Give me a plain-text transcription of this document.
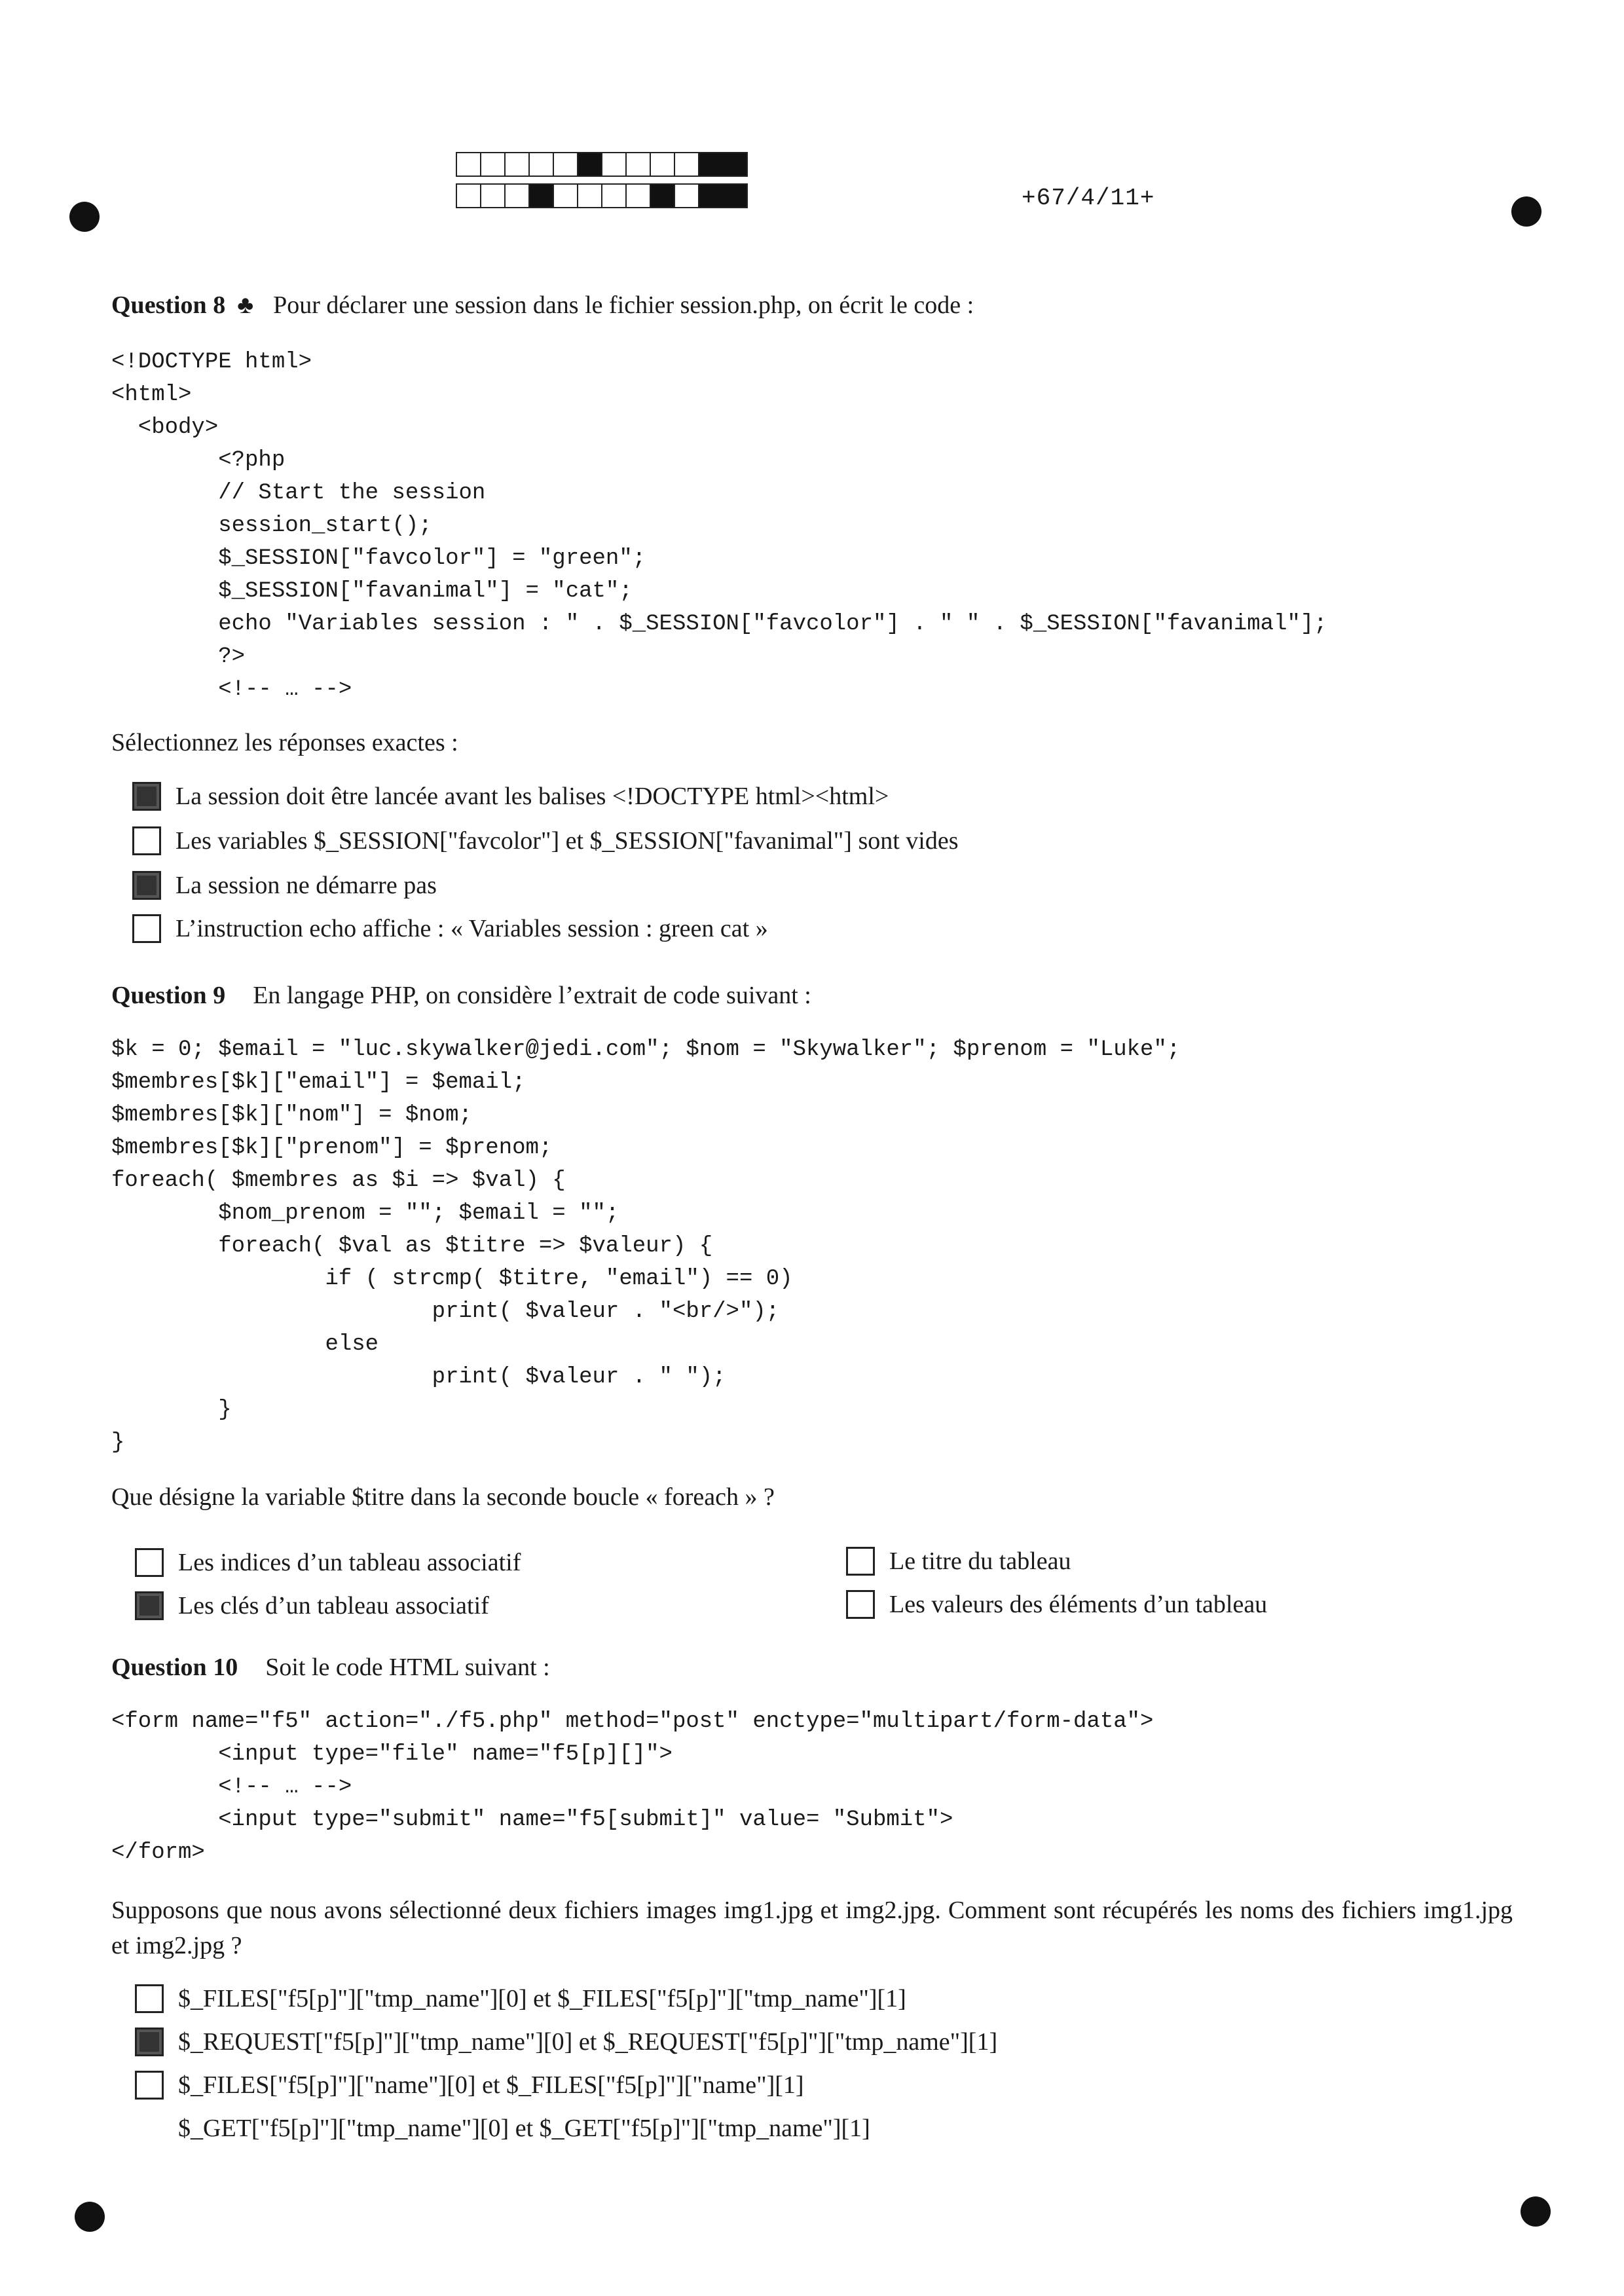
+67/4/11+
Question 8 ♣ Pour déclarer une session dans le fichier session.php, on écrit le code :
<!DOCTYPE html>
<html>
<body>
<?php
// Start the session
session_start();
$_SESSION["favcolor"] = "green";
$_SESSION["favanimal"] = "cat";
echo "Variables session : " . $_SESSION["favcolor"] . " " . $_SESSION["favanimal"];
?>
<!-- … -->
Sélectionnez les réponses exactes :
La session doit être lancée avant les balises <!DOCTYPE html><html>
Les variables $_SESSION["favcolor"] et $_SESSION["favanimal"] sont vides
La session ne démarre pas
L’instruction echo affiche : « Variables session : green cat »
Question 9 En langage PHP, on considère l’extrait de code suivant :
$k = 0; $email = "luc.skywalker@jedi.com"; $nom = "Skywalker"; $prenom = "Luke";
$membres[$k]["email"] = $email;
$membres[$k]["nom"] = $nom;
$membres[$k]["prenom"] = $prenom;
foreach( $membres as $i => $val) {
$nom_prenom = ""; $email = "";
foreach( $val as $titre => $valeur) {
if ( strcmp( $titre, "email") == 0)
print( $valeur . "<br/>");
else
print( $valeur . " ");
}
}
Que désigne la variable $titre dans la seconde boucle « foreach » ?
Les indices d’un tableau associatif
Les clés d’un tableau associatif
Le titre du tableau
Les valeurs des éléments d’un tableau
Question 10 Soit le code HTML suivant :
<form name="f5" action="./f5.php" method="post" enctype="multipart/form-data">
<input type="file" name="f5[p][]">
<!-- … -->
<input type="submit" name="f5[submit]" value= "Submit">
</form>
Supposons que nous avons sélectionné deux fichiers images img1.jpg et img2.jpg. Comment sont récupérés les noms des fichiers img1.jpg et img2.jpg ?
$_FILES["f5[p]"]["tmp_name"][0] et $_FILES["f5[p]"]["tmp_name"][1]
$_REQUEST["f5[p]"]["tmp_name"][0] et $_REQUEST["f5[p]"]["tmp_name"][1]
$_FILES["f5[p]"]["name"][0] et $_FILES["f5[p]"]["name"][1]
$_GET["f5[p]"]["tmp_name"][0] et $_GET["f5[p]"]["tmp_name"][1]
